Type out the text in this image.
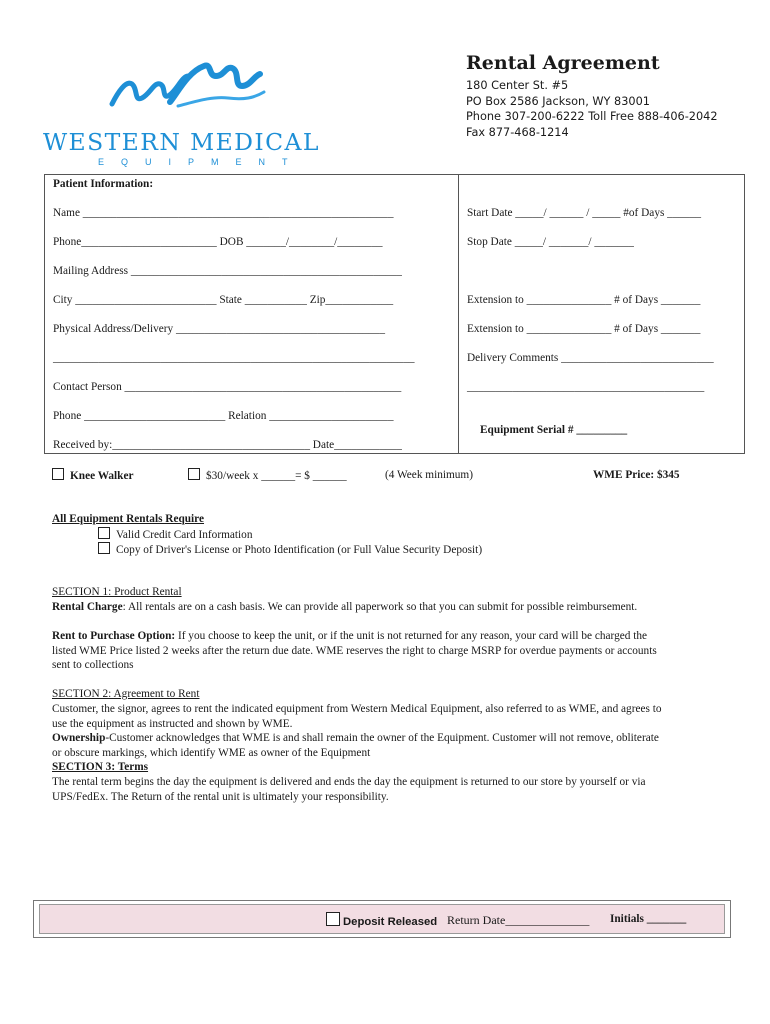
WESTERN MEDICAL
EQUIPMENT
Rental Agreement
180 Center St. #5
PO Box 2586 Jackson, WY 83001
Phone 307-200-6222 Toll Free 888-406-2042
Fax 877-468-1214
Patient Information:
Name _______________________________________________________
Phone________________________ DOB _______/________/________
Mailing Address ________________________________________________
City _________________________ State ___________ Zip____________
Physical Address/Delivery _____________________________________
________________________________________________________________
Contact Person _________________________________________________
Phone _________________________ Relation ______________________
Received by:___________________________________ Date____________
Start Date _____/ ______ / _____ #of Days ______
Stop Date _____/ _______/ _______
Extension to _______________ # of Days _______
Extension to _______________ # of Days _______
Delivery Comments ___________________________
__________________________________________
Equipment Serial # _________
Knee Walker	$30/week x ______= $ ______	(4 Week minimum)	WME Price: $345
All Equipment Rentals Require
Valid Credit Card Information
Copy of Driver's License or Photo Identification (or Full Value Security Deposit)
SECTION 1: Product Rental
Rental Charge: All rentals are on a cash basis. We can provide all paperwork so that you can submit for possible reimbursement.
Rent to Purchase Option: If you choose to keep the unit, or if the unit is not returned for any reason, your card will be charged the
listed WME Price listed 2 weeks after the return due date. WME reserves the right to charge MSRP for overdue payments or accounts
sent to collections
SECTION 2: Agreement to Rent
Customer, the signor, agrees to rent the indicated equipment from Western Medical Equipment, also referred to as WME, and agrees to
use the equipment as instructed and shown by WME.
Ownership-Customer acknowledges that WME is and shall remain the owner of the Equipment. Customer will not remove, obliterate
or obscure markings, which identify WME as owner of the Equipment
SECTION 3: Terms
The rental term begins the day the equipment is delivered and ends the day the equipment is returned to our store by yourself or via
UPS/FedEx. The Return of the rental unit is ultimately your responsibility.
Deposit Released Return Date______________ Initials _______
